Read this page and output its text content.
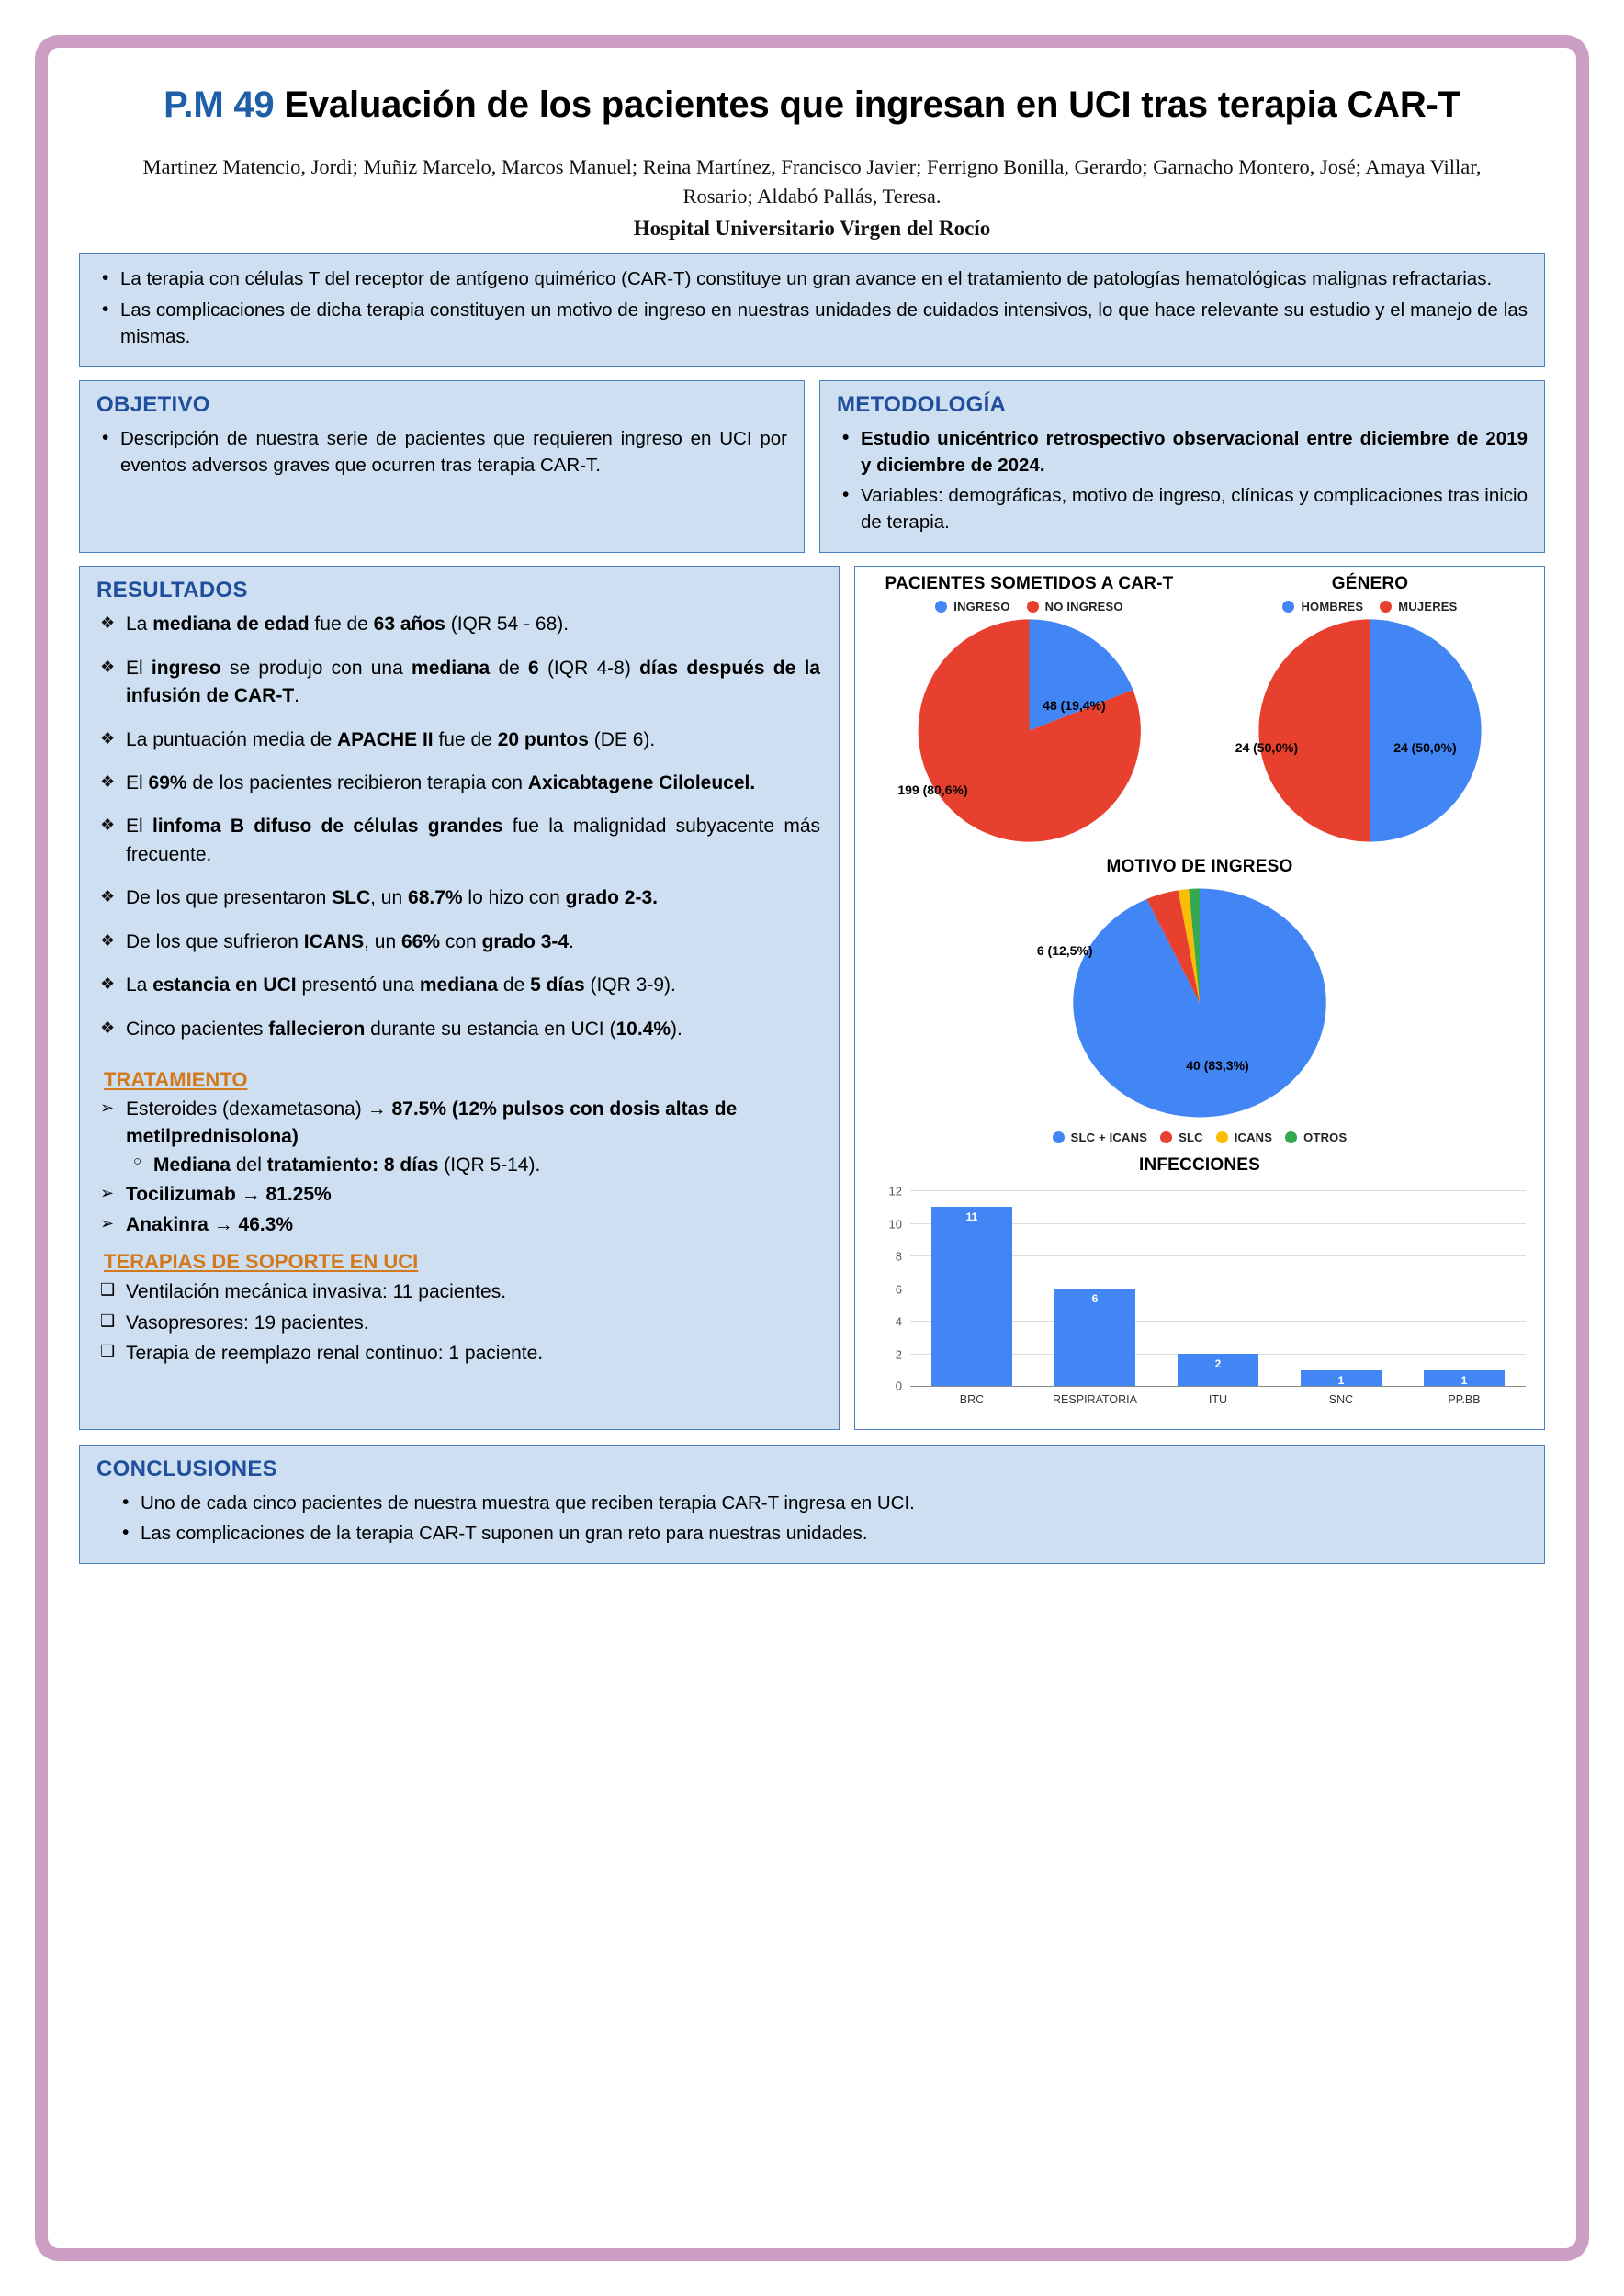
P.M 49 Evaluación de los pacientes que ingresan en UCI tras terapia CAR-T
Martinez Matencio, Jordi; Muñiz Marcelo, Marcos Manuel; Reina Martínez, Francisco Javier; Ferrigno Bonilla, Gerardo; Garnacho Montero, José; Amaya Villar, Rosario; Aldabó Pallás, Teresa.
Hospital Universitario Virgen del Rocío
• La terapia con células T del receptor de antígeno quimérico (CAR-T) constituye un gran avance en el tratamiento de patologías hematológicas malignas refractarias.
• Las complicaciones de dicha terapia constituyen un motivo de ingreso en nuestras unidades de cuidados intensivos, lo que hace relevante su estudio y el manejo de las mismas.
OBJETIVO
• Descripción de nuestra serie de pacientes que requieren ingreso en UCI por eventos adversos graves que ocurren tras terapia CAR-T.
METODOLOGÍA
• Estudio unicéntrico retrospectivo observacional entre diciembre de 2019 y diciembre de 2024.
• Variables: demográficas, motivo de ingreso, clínicas y complicaciones tras inicio de terapia.
RESULTADOS
❖ La mediana de edad fue de 63 años (IQR 54 - 68).
❖ El ingreso se produjo con una mediana de 6 (IQR 4-8) días después de la infusión de CAR-T.
❖ La puntuación media de APACHE II fue de 20 puntos (DE 6).
❖ El 69% de los pacientes recibieron terapia con Axicabtagene Ciloleucel.
❖ El linfoma B difuso de células grandes fue la malignidad subyacente más frecuente.
❖ De los que presentaron SLC, un 68.7% lo hizo con grado 2-3.
❖ De los que sufrieron ICANS, un 66% con grado 3-4.
❖ La estancia en UCI presentó una mediana de 5 días (IQR 3-9).
❖ Cinco pacientes fallecieron durante su estancia en UCI (10.4%).
TRATAMIENTO
➢ Esteroides (dexametasona) → 87.5% (12% pulsos con dosis altas de metilprednisolona)
○ Mediana del tratamiento: 8 días (IQR 5-14).
➢ Tocilizumab → 81.25%
➢ Anakinra → 46.3%
TERAPIAS DE SOPORTE EN UCI
❑ Ventilación mecánica invasiva: 11 pacientes.
❑ Vasopresores: 19 pacientes.
❑ Terapia de reemplazo renal continuo: 1 paciente.
PACIENTES SOMETIDOS A CAR-T
INGRESO	NO INGRESO
48 (19,4%)
199 (80,6%)
GÉNERO
HOMBRES	MUJERES
24 (50,0%)
24 (50,0%)
MOTIVO DE INGRESO
6 (12,5%)
40 (83,3%)
SLC + ICANS	SLC	ICANS	OTROS
INFECCIONES
12
10
8
6
4
2
0
11
BRC
6
RESPIRATORIA
2
ITU
1
SNC
1
PP.BB
CONCLUSIONES
• Uno de cada cinco pacientes de nuestra muestra que reciben terapia CAR-T ingresa en UCI.
• Las complicaciones de la terapia CAR-T suponen un gran reto para nuestras unidades.
